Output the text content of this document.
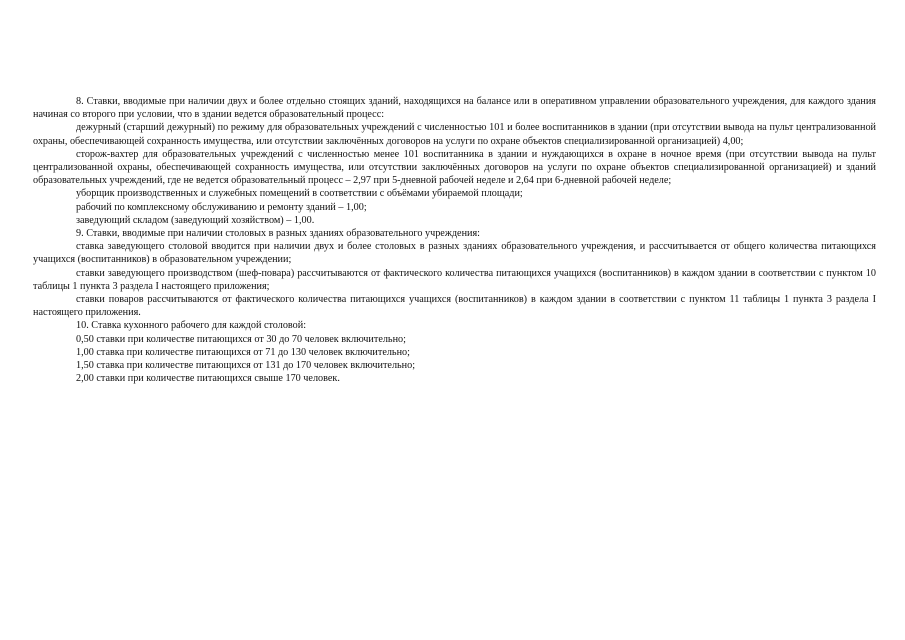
8. Ставки, вводимые при наличии двух и более отдельно стоящих зданий, находящихся на балансе или в оперативном управлении образовательного учреждения, для каждого здания начиная со второго при условии, что в здании ведется образовательный процесс:

дежурный (старший дежурный) по режиму для образовательных учреждений с численностью 101 и более воспитанников в здании (при отсутствии вывода на пульт централизованной охраны, обеспечивающей сохранность имущества, или отсутствии заключённых договоров на услуги по охране объектов специализированной организацией) 4,00;

сторож-вахтер для образовательных учреждений с численностью менее 101 воспитанника в здании и нуждающихся в охране в ночное время (при отсутствии вывода на пульт централизованной охраны, обеспечивающей сохранность имущества, или отсутствии заключённых договоров на услуги по охране объектов специализированной организацией) и зданий образовательных учреждений, где не ведется образовательный процесс – 2,97 при 5-дневной рабочей неделе и 2,64 при 6-дневной рабочей неделе;

уборщик производственных и служебных помещений в соответствии с объёмами убираемой площади;

рабочий по комплексному обслуживанию и ремонту зданий – 1,00;

заведующий складом (заведующий хозяйством) – 1,00.

9. Ставки, вводимые при наличии столовых в разных зданиях образовательного учреждения:

ставка заведующего столовой вводится при наличии двух и более столовых в разных зданиях образовательного учреждения, и рассчитывается от общего количества питающихся учащихся (воспитанников) в образовательном учреждении;

ставки заведующего производством (шеф-повара) рассчитываются от фактического количества питающихся учащихся (воспитанников) в каждом здании в соответствии с пунктом 10 таблицы 1 пункта 3 раздела I настоящего приложения;

ставки поваров рассчитываются от фактического количества питающихся учащихся (воспитанников) в каждом здании в соответствии с пунктом 11 таблицы 1 пункта 3 раздела I настоящего приложения.

10. Ставка кухонного рабочего для каждой столовой:

0,50 ставки при количестве питающихся от 30 до 70 человек включительно;

1,00 ставка при количестве питающихся от 71 до 130 человек включительно;

1,50 ставка при количестве питающихся от 131 до 170 человек включительно;

2,00 ставки при количестве питающихся свыше 170 человек.
